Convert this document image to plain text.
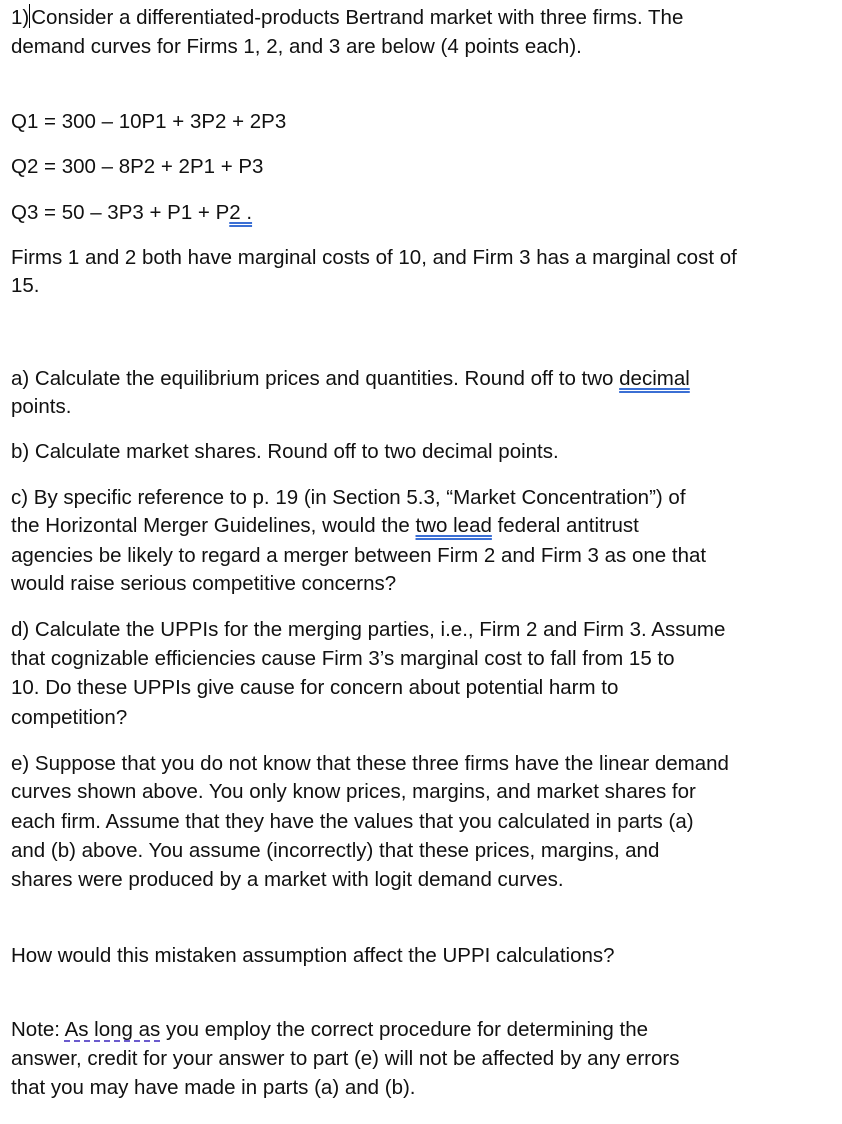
1)Consider a differentiated-products Bertrand market with three firms. The
demand curves for Firms 1, 2, and 3 are below (4 points each).
Q1 = 300 – 10P1 + 3P2 + 2P3
Q2 = 300 – 8P2 + 2P1 + P3
Q3 = 50 – 3P3 + P1 + P2 .
Firms 1 and 2 both have marginal costs of 10, and Firm 3 has a marginal cost of
15.
a) Calculate the equilibrium prices and quantities. Round off to two decimal
points.
b) Calculate market shares. Round off to two decimal points.
c) By specific reference to p. 19 (in Section 5.3, “Market Concentration”) of
the Horizontal Merger Guidelines, would the two lead federal antitrust
agencies be likely to regard a merger between Firm 2 and Firm 3 as one that
would raise serious competitive concerns?
d) Calculate the UPPIs for the merging parties, i.e., Firm 2 and Firm 3. Assume
that cognizable efficiencies cause Firm 3’s marginal cost to fall from 15 to
10. Do these UPPIs give cause for concern about potential harm to
competition?
e) Suppose that you do not know that these three firms have the linear demand
curves shown above. You only know prices, margins, and market shares for
each firm. Assume that they have the values that you calculated in parts (a)
and (b) above. You assume (incorrectly) that these prices, margins, and
shares were produced by a market with logit demand curves.
How would this mistaken assumption affect the UPPI calculations?
Note: As long as you employ the correct procedure for determining the
answer, credit for your answer to part (e) will not be affected by any errors
that you may have made in parts (a) and (b).
